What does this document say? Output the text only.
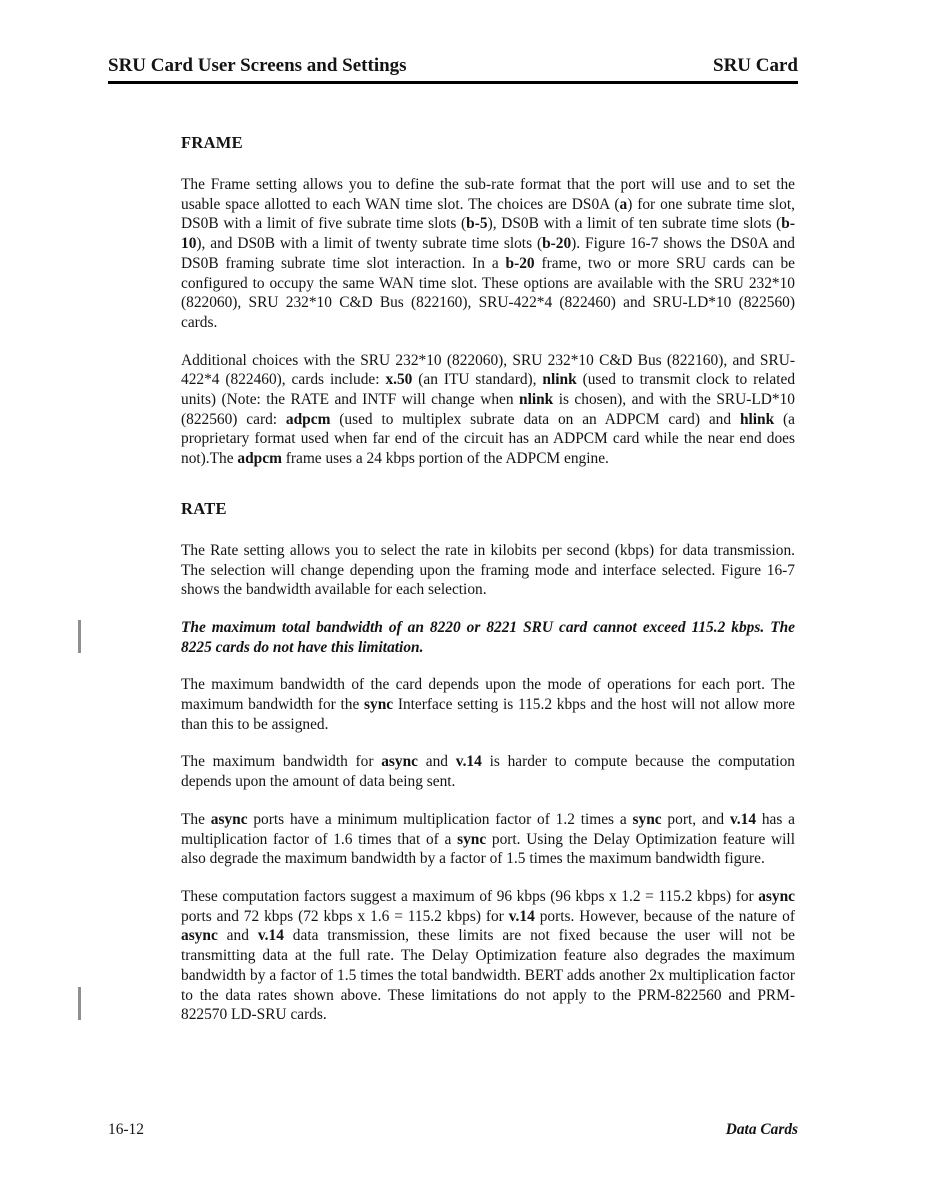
SRU Card User Screens and Settings	SRU Card
FRAME

The Frame setting allows you to define the sub-rate format that the port will use and to set the usable space allotted to each WAN time slot. The choices are DS0A (a) for one subrate time slot, DS0B with a limit of five subrate time slots (b-5), DS0B with a limit of ten subrate time slots (b-10), and DS0B with a limit of twenty subrate time slots (b-20). Figure 16-7 shows the DS0A and DS0B framing subrate time slot interaction. In a b-20 frame, two or more SRU cards can be configured to occupy the same WAN time slot. These options are available with the SRU 232*10 (822060), SRU 232*10 C&D Bus (822160), SRU-422*4 (822460) and SRU-LD*10 (822560) cards.

Additional choices with the SRU 232*10 (822060), SRU 232*10 C&D Bus (822160), and SRU-422*4 (822460), cards include: x.50 (an ITU standard), nlink (used to transmit clock to related units) (Note: the RATE and INTF will change when nlink is chosen), and with the SRU-LD*10 (822560) card: adpcm (used to multiplex subrate data on an ADPCM card) and hlink (a proprietary format used when far end of the circuit has an ADPCM card while the near end does not).The adpcm frame uses a 24 kbps portion of the ADPCM engine.

RATE

The Rate setting allows you to select the rate in kilobits per second (kbps) for data transmission. The selection will change depending upon the framing mode and interface selected. Figure 16-7 shows the bandwidth available for each selection.

The maximum total bandwidth of an 8220 or 8221 SRU card cannot exceed 115.2 kbps. The 8225 cards do not have this limitation.

The maximum bandwidth of the card depends upon the mode of operations for each port. The maximum bandwidth for the sync Interface setting is 115.2 kbps and the host will not allow more than this to be assigned.

The maximum bandwidth for async and v.14 is harder to compute because the computation depends upon the amount of data being sent.

The async ports have a minimum multiplication factor of 1.2 times a sync port, and v.14 has a multiplication factor of 1.6 times that of a sync port. Using the Delay Optimization feature will also degrade the maximum bandwidth by a factor of 1.5 times the maximum bandwidth figure.

These computation factors suggest a maximum of 96 kbps (96 kbps x 1.2 = 115.2 kbps) for async ports and 72 kbps (72 kbps x 1.6 = 115.2 kbps) for v.14 ports. However, because of the nature of async and v.14 data transmission, these limits are not fixed because the user will not be transmitting data at the full rate. The Delay Optimization feature also degrades the maximum bandwidth by a factor of 1.5 times the total bandwidth. BERT adds another 2x multiplication factor to the data rates shown above. These limitations do not apply to the PRM-822560 and PRM-822570 LD-SRU cards.

16-12	Data Cards
